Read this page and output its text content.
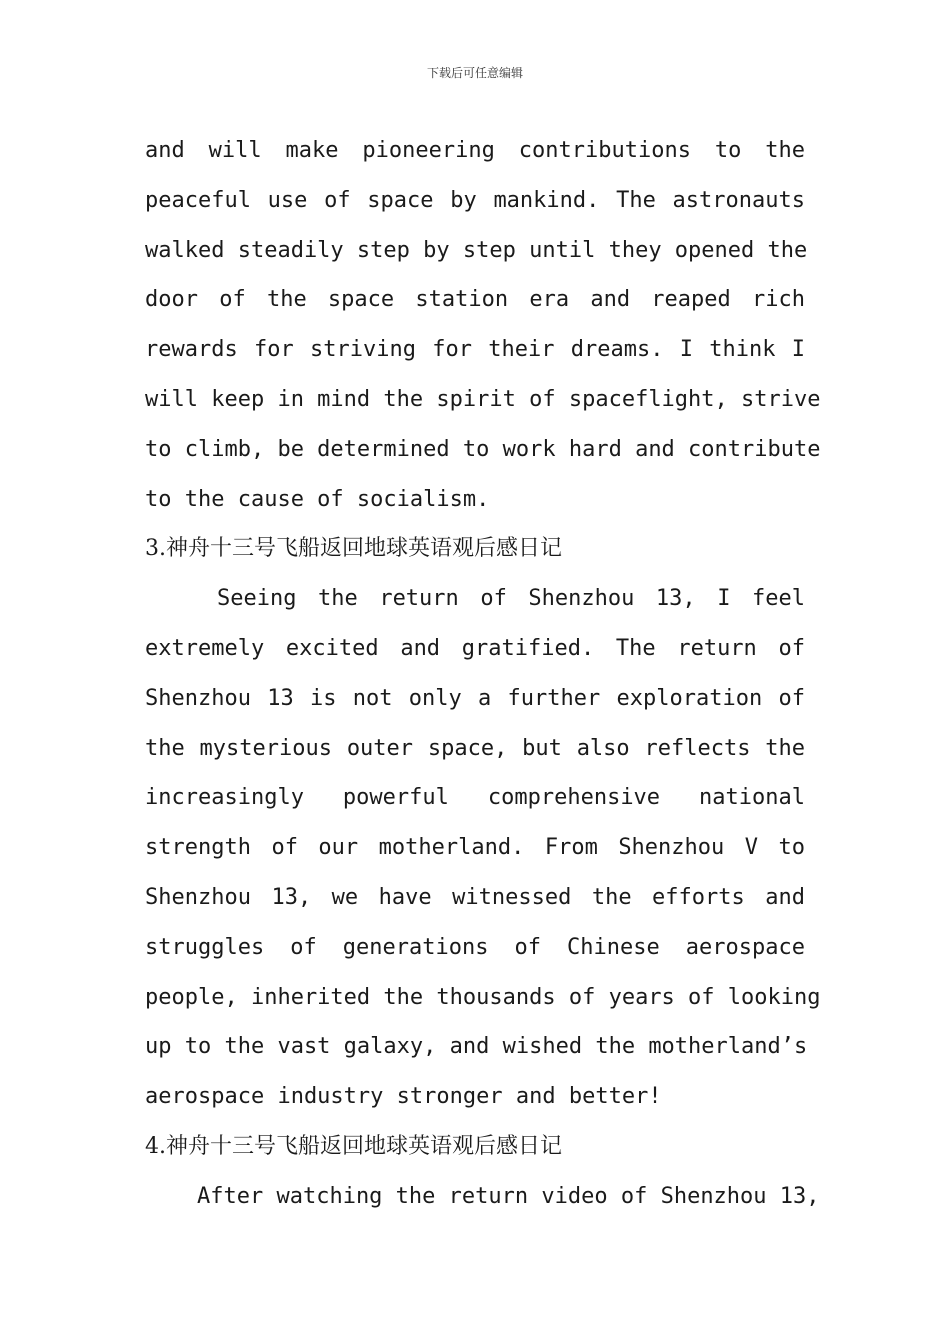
下载后可任意编辑
and will make pioneering contributions to the
peaceful use of space by mankind. The astronauts
walked steadily step by step until they opened the
door of the space station era and reaped rich
rewards for striving for their dreams. I think I
will keep in mind the spirit of spaceflight, strive
to climb, be determined to work hard and contribute
to the cause of socialism.
3.神舟十三号飞船返回地球英语观后感日记
Seeing the return of Shenzhou 13, I feel
extremely excited and gratified. The return of
Shenzhou 13 is not only a further exploration of
the mysterious outer space, but also reflects the
increasingly powerful comprehensive national
strength of our motherland. From Shenzhou V to
Shenzhou 13, we have witnessed the efforts and
struggles of generations of Chinese aerospace
people, inherited the thousands of years of looking
up to the vast galaxy, and wished the motherland’s
aerospace industry stronger and better!
4.神舟十三号飞船返回地球英语观后感日记
After watching the return video of Shenzhou 13,
